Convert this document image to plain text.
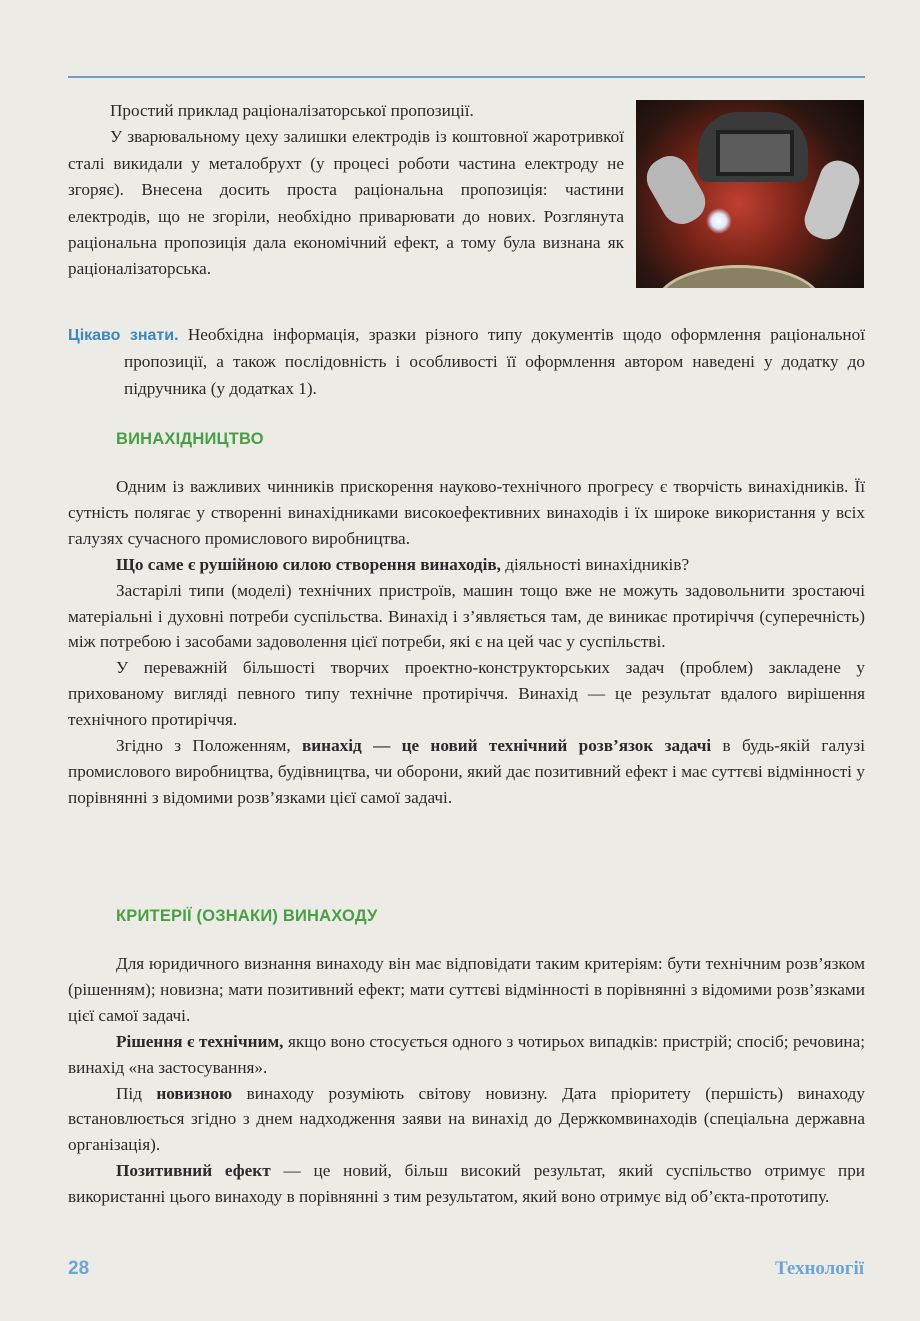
Простий приклад раціоналізаторської пропозиції.

У зварювальному цеху залишки електродів із коштовної жаротривкої сталі викидали у металобрухт (у процесі роботи частина електроду не згоряє). Внесена досить проста раціональна пропозиція: частини електродів, що не згоріли, необхідно приварювати до нових. Розглянута раціональна пропозиція дала економічний ефект, а тому була визнана як раціоналізаторська.

Цікаво знати. Необхідна інформація, зразки різного типу документів щодо оформлення раціональної пропозиції, а також послідовність і особливості її оформлення автором наведені у додатку до підручника (у додатках 1).

ВИНАХІДНИЦТВО

Одним із важливих чинників прискорення науково-технічного прогресу є творчість винахідників. Її сутність полягає у створенні винахідниками високоефективних винаходів і їх широке використання у всіх галузях сучасного промислового виробництва.

Що саме є рушійною силою створення винаходів, діяльності винахідників?

Застарілі типи (моделі) технічних пристроїв, машин тощо вже не можуть задовольнити зростаючі матеріальні і духовні потреби суспільства. Винахід і з’являється там, де виникає протиріччя (суперечність) між потребою і засобами задоволення цієї потреби, які є на цей час у суспільстві.

У переважній більшості творчих проектно-конструкторських задач (проблем) закладене у прихованому вигляді певного типу технічне протиріччя. Винахід — це результат вдалого вирішення технічного протиріччя.

Згідно з Положенням, винахід — це новий технічний розв’язок задачі в будь-якій галузі промислового виробництва, будівництва, чи оборони, який дає позитивний ефект і має суттєві відмінності у порівнянні з відомими розв’язками цієї самої задачі.

КРИТЕРІЇ (ОЗНАКИ) ВИНАХОДУ

Для юридичного визнання винаходу він має відповідати таким критеріям: бути технічним розв’язком (рішенням); новизна; мати позитивний ефект; мати суттєві відмінності в порівнянні з відомими розв’язками цієї самої задачі.

Рішення є технічним, якщо воно стосується одного з чотирьох випадків: пристрій; спосіб; речовина; винахід «на застосування».

Під новизною винаходу розуміють світову новизну. Дата пріоритету (першість) винаходу встановлюється згідно з днем надходження заяви на винахід до Держкомвинаходів (спеціальна державна організація).

Позитивний ефект — це новий, більш високий результат, який суспільство отримує при використанні цього винаходу в порівнянні з тим результатом, який воно отримує від об’єкта-прототипу.

28	Технології
